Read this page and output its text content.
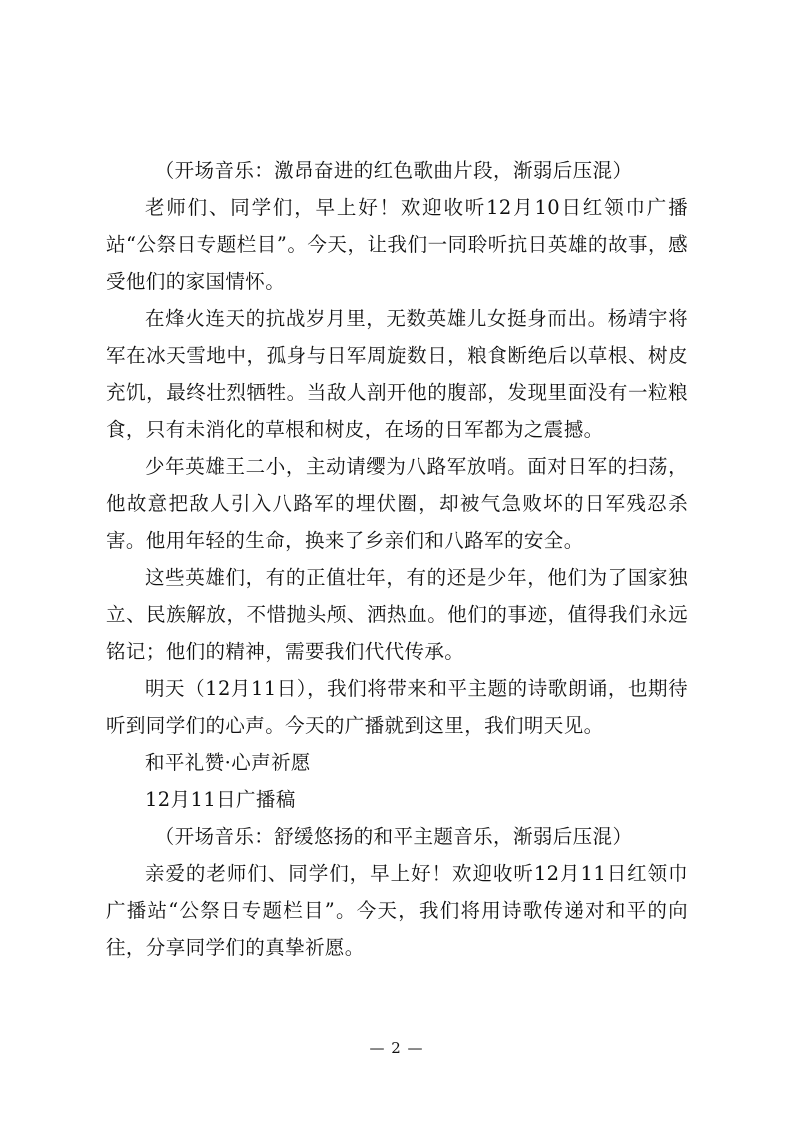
（开场音乐：激昂奋进的红色歌曲片段，渐弱后压混）

老师们、同学们，早上好！欢迎收听12月10日红领巾广播站“公祭日专题栏目”。今天，让我们一同聆听抗日英雄的故事，感受他们的家国情怀。

在烽火连天的抗战岁月里，无数英雄儿女挺身而出。杨靖宇将军在冰天雪地中，孤身与日军周旋数日，粮食断绝后以草根、树皮充饥，最终壮烈牺牲。当敌人剖开他的腹部，发现里面没有一粒粮食，只有未消化的草根和树皮，在场的日军都为之震撼。

少年英雄王二小，主动请缨为八路军放哨。面对日军的扫荡，他故意把敌人引入八路军的埋伏圈，却被气急败坏的日军残忍杀害。他用年轻的生命，换来了乡亲们和八路军的安全。

这些英雄们，有的正值壮年，有的还是少年，他们为了国家独立、民族解放，不惜抛头颅、洒热血。他们的事迹，值得我们永远铭记；他们的精神，需要我们代代传承。

明天（12月11日），我们将带来和平主题的诗歌朗诵，也期待听到同学们的心声。今天的广播就到这里，我们明天见。

和平礼赞·心声祈愿

12月11日广播稿

（开场音乐：舒缓悠扬的和平主题音乐，渐弱后压混）

亲爱的老师们、同学们，早上好！欢迎收听12月11日红领巾广播站“公祭日专题栏目”。今天，我们将用诗歌传递对和平的向往，分享同学们的真挚祈愿。

— 2 —
